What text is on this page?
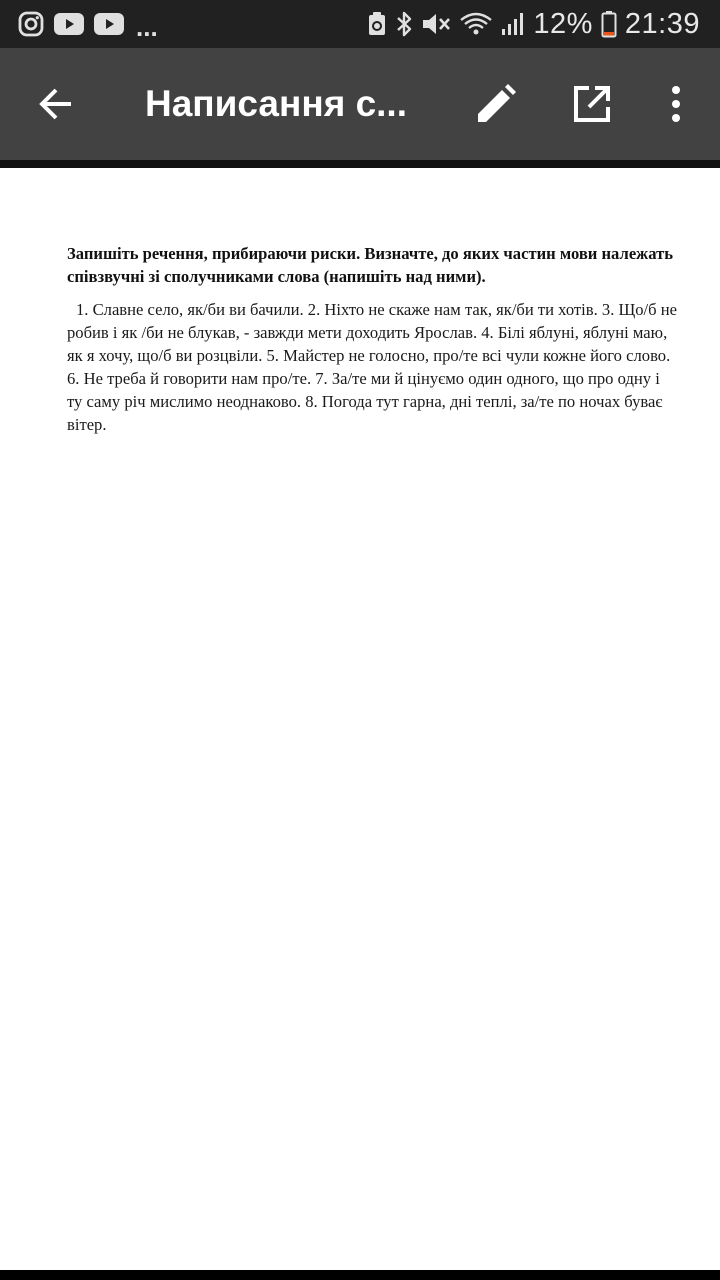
...	12% 21:39
Написання с...
Запишіть речення, прибираючи риски. Визначте, до яких частин мови належать співзвучні зі сполучниками слова (напишіть над ними).
1. Славне село, як/би ви бачили. 2. Ніхто не скаже нам так, як/би ти хотів. 3. Що/б не робив і як /би не блукав, - завжди мети доходить Ярослав. 4. Білі яблуні, яблуні маю, як я хочу, що/б ви розцвіли. 5. Майстер не голосно, про/те всі чули кожне його слово. 6. Не треба й говорити нам про/те. 7. За/те ми й цінуємо один одного, що про одну і ту саму річ мислимо неоднаково. 8. Погода тут гарна, дні теплі, за/те по ночах буває вітер.
